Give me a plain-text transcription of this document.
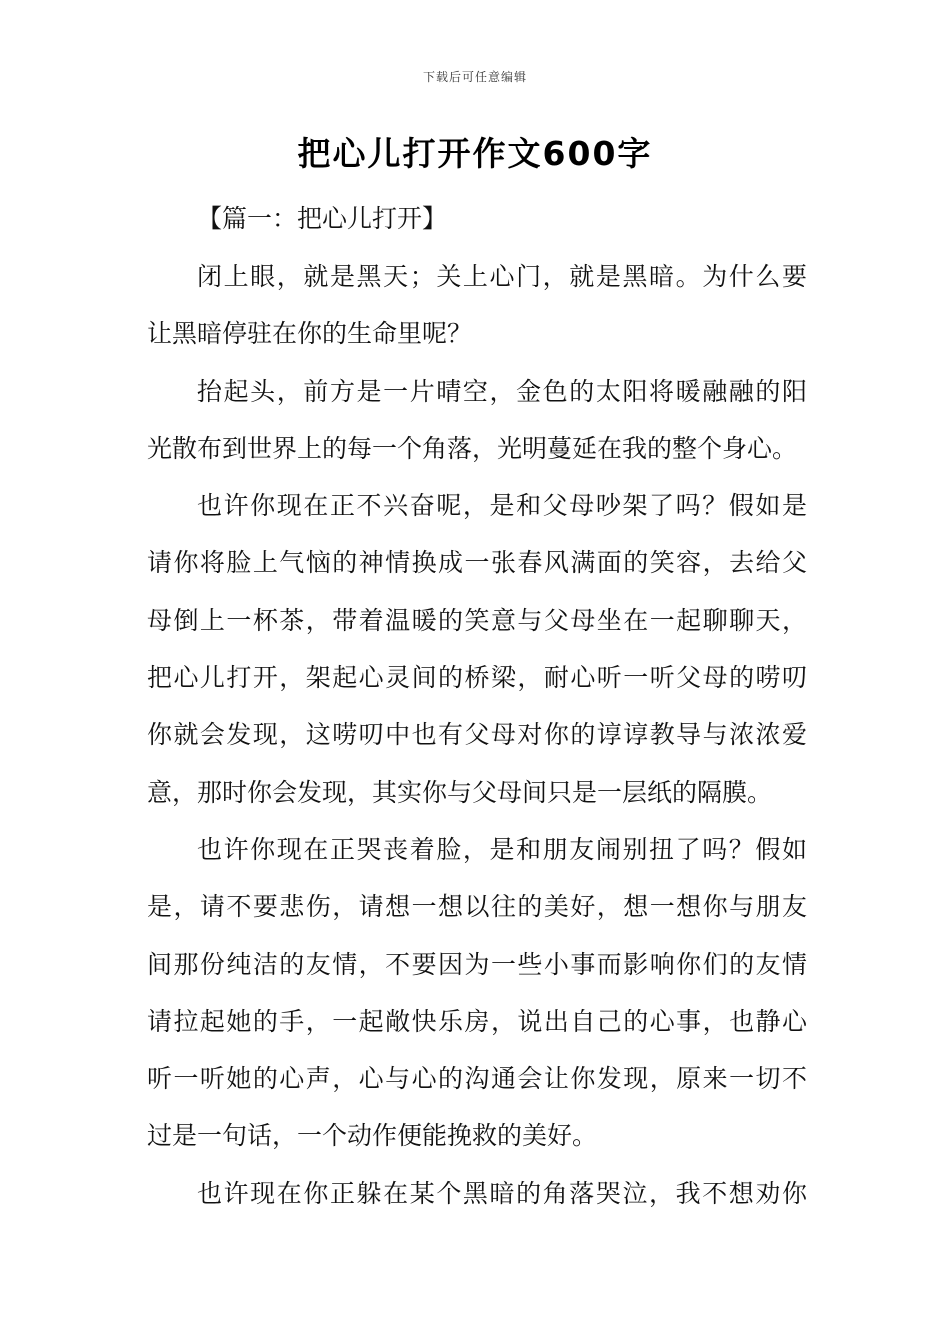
下载后可任意编辑
把心儿打开作文600字

【篇一：把心儿打开】

闭上眼，就是黑天；关上心门，就是黑暗。为什么要

让黑暗停驻在你的生命里呢？

抬起头，前方是一片晴空，金色的太阳将暖融融的阳

光散布到世界上的每一个角落，光明蔓延在我的整个身心。

也许你现在正不兴奋呢，是和父母吵架了吗？假如是

请你将脸上气恼的神情换成一张春风满面的笑容，去给父

母倒上一杯茶，带着温暖的笑意与父母坐在一起聊聊天，

把心儿打开，架起心灵间的桥梁，耐心听一听父母的唠叨

你就会发现，这唠叨中也有父母对你的谆谆教导与浓浓爱

意，那时你会发现，其实你与父母间只是一层纸的隔膜。

也许你现在正哭丧着脸，是和朋友闹别扭了吗？假如

是，请不要悲伤，请想一想以往的美好，想一想你与朋友

间那份纯洁的友情，不要因为一些小事而影响你们的友情

请拉起她的手，一起敞快乐房，说出自己的心事，也静心

听一听她的心声，心与心的沟通会让你发现，原来一切不

过是一句话，一个动作便能挽救的美好。

也许现在你正躲在某个黑暗的角落哭泣，我不想劝你
